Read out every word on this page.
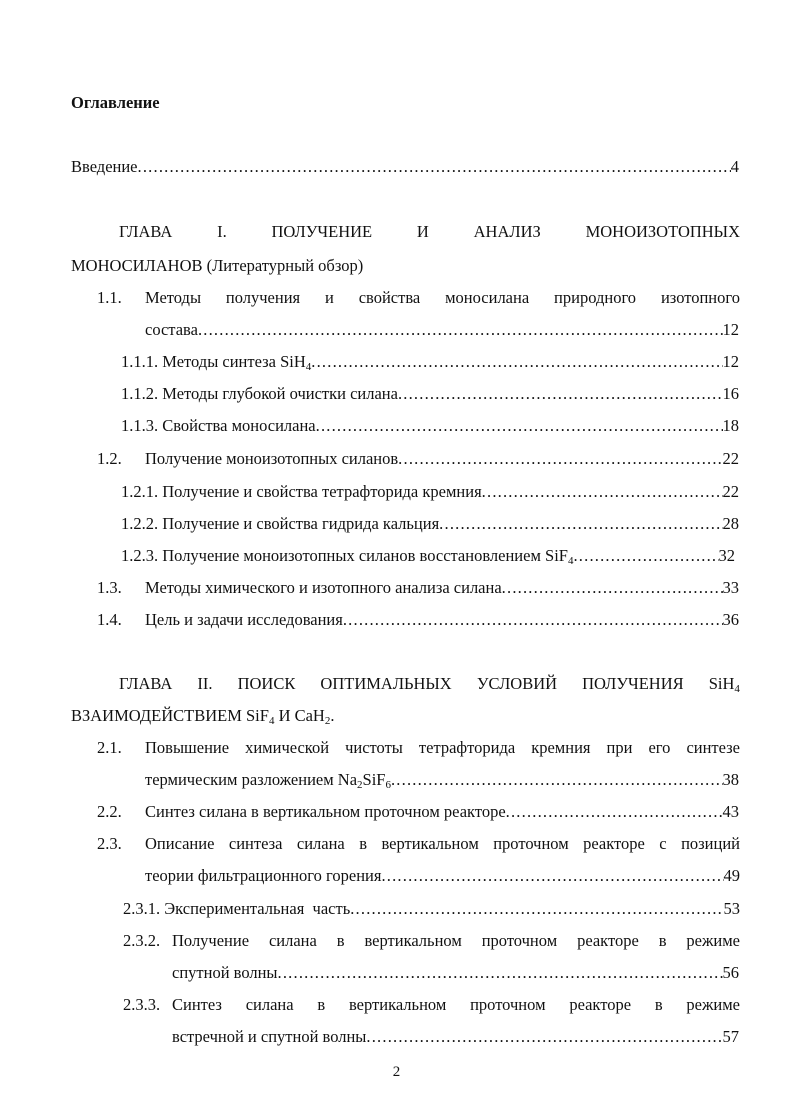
Оглавление
Введение .....	4
ГЛАВА	I.	ПОЛУЧЕНИЕ	И	АНАЛИЗ	МОНОИЗОТОПНЫХ
МОНОСИЛАНОВ (Литературный обзор)
1.1. Методы получения и свойства моносилана природного изотопного
состава .....	12
1.1.1. Методы синтеза SiH$_4$ .....	12
1.1.2. Методы глубокой очистки силана .....	16
1.1.3. Свойства моносилана .....	18
1.2. Получение моноизотопных силанов .....	22
1.2.1. Получение и свойства тетрафторида кремния .....	22
1.2.2. Получение и свойства гидрида кальция .....	28
1.2.3. Получение моноизотопных силанов восстановлением SiF$_4$ .....	32
1.3. Методы химического и изотопного анализа силана .....	33
1.4. Цель и задачи исследования .....	36
ГЛАВА II. ПОИСК ОПТИМАЛЬНЫХ УСЛОВИЙ ПОЛУЧЕНИЯ SiH$_4$
ВЗАИМОДЕЙСТВИЕМ SiF$_4$ И CaH$_2$.
2.1. Повышение химической чистоты тетрафторида кремния при его синтезе
термическим разложением $Na_2SiF_6$ .....	38
2.2. Синтез силана в вертикальном проточном реакторе .....	43
2.3. Описание синтеза силана в вертикальном проточном реакторе с позиций
теории фильтрационного горения .....	49
2.3.1. Экспериментальная  часть .....	53
2.3.2. Получение силана в вертикальном проточном реакторе в режиме
спутной волны .....	56
2.3.3. Синтез силана в вертикальном проточном реакторе в режиме
встречной и спутной волны .....	57
2
